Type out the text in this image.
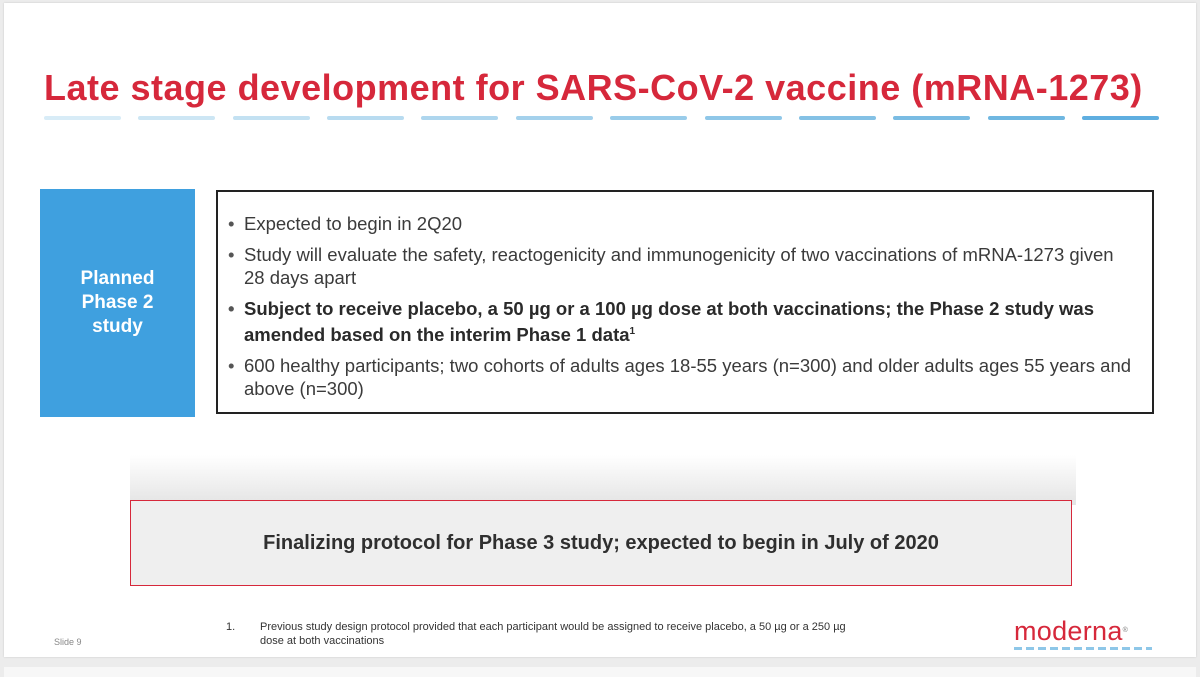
Late stage development for SARS-CoV-2 vaccine (mRNA-1273)
Planned Phase 2 study
• Expected to begin in 2Q20
• Study will evaluate the safety, reactogenicity and immunogenicity of two vaccinations of mRNA-1273 given 28 days apart
• Subject to receive placebo, a 50 µg or a 100 µg dose at both vaccinations; the Phase 2 study was amended based on the interim Phase 1 data$^1$
• 600 healthy participants; two cohorts of adults ages 18-55 years (n=300) and older adults ages 55 years and above (n=300)
Finalizing protocol for Phase 3 study; expected to begin in July of 2020
1. Previous study design protocol provided that each participant would be assigned to receive placebo, a 50 µg or a 250 µg dose at both vaccinations
Slide 9	moderna®
